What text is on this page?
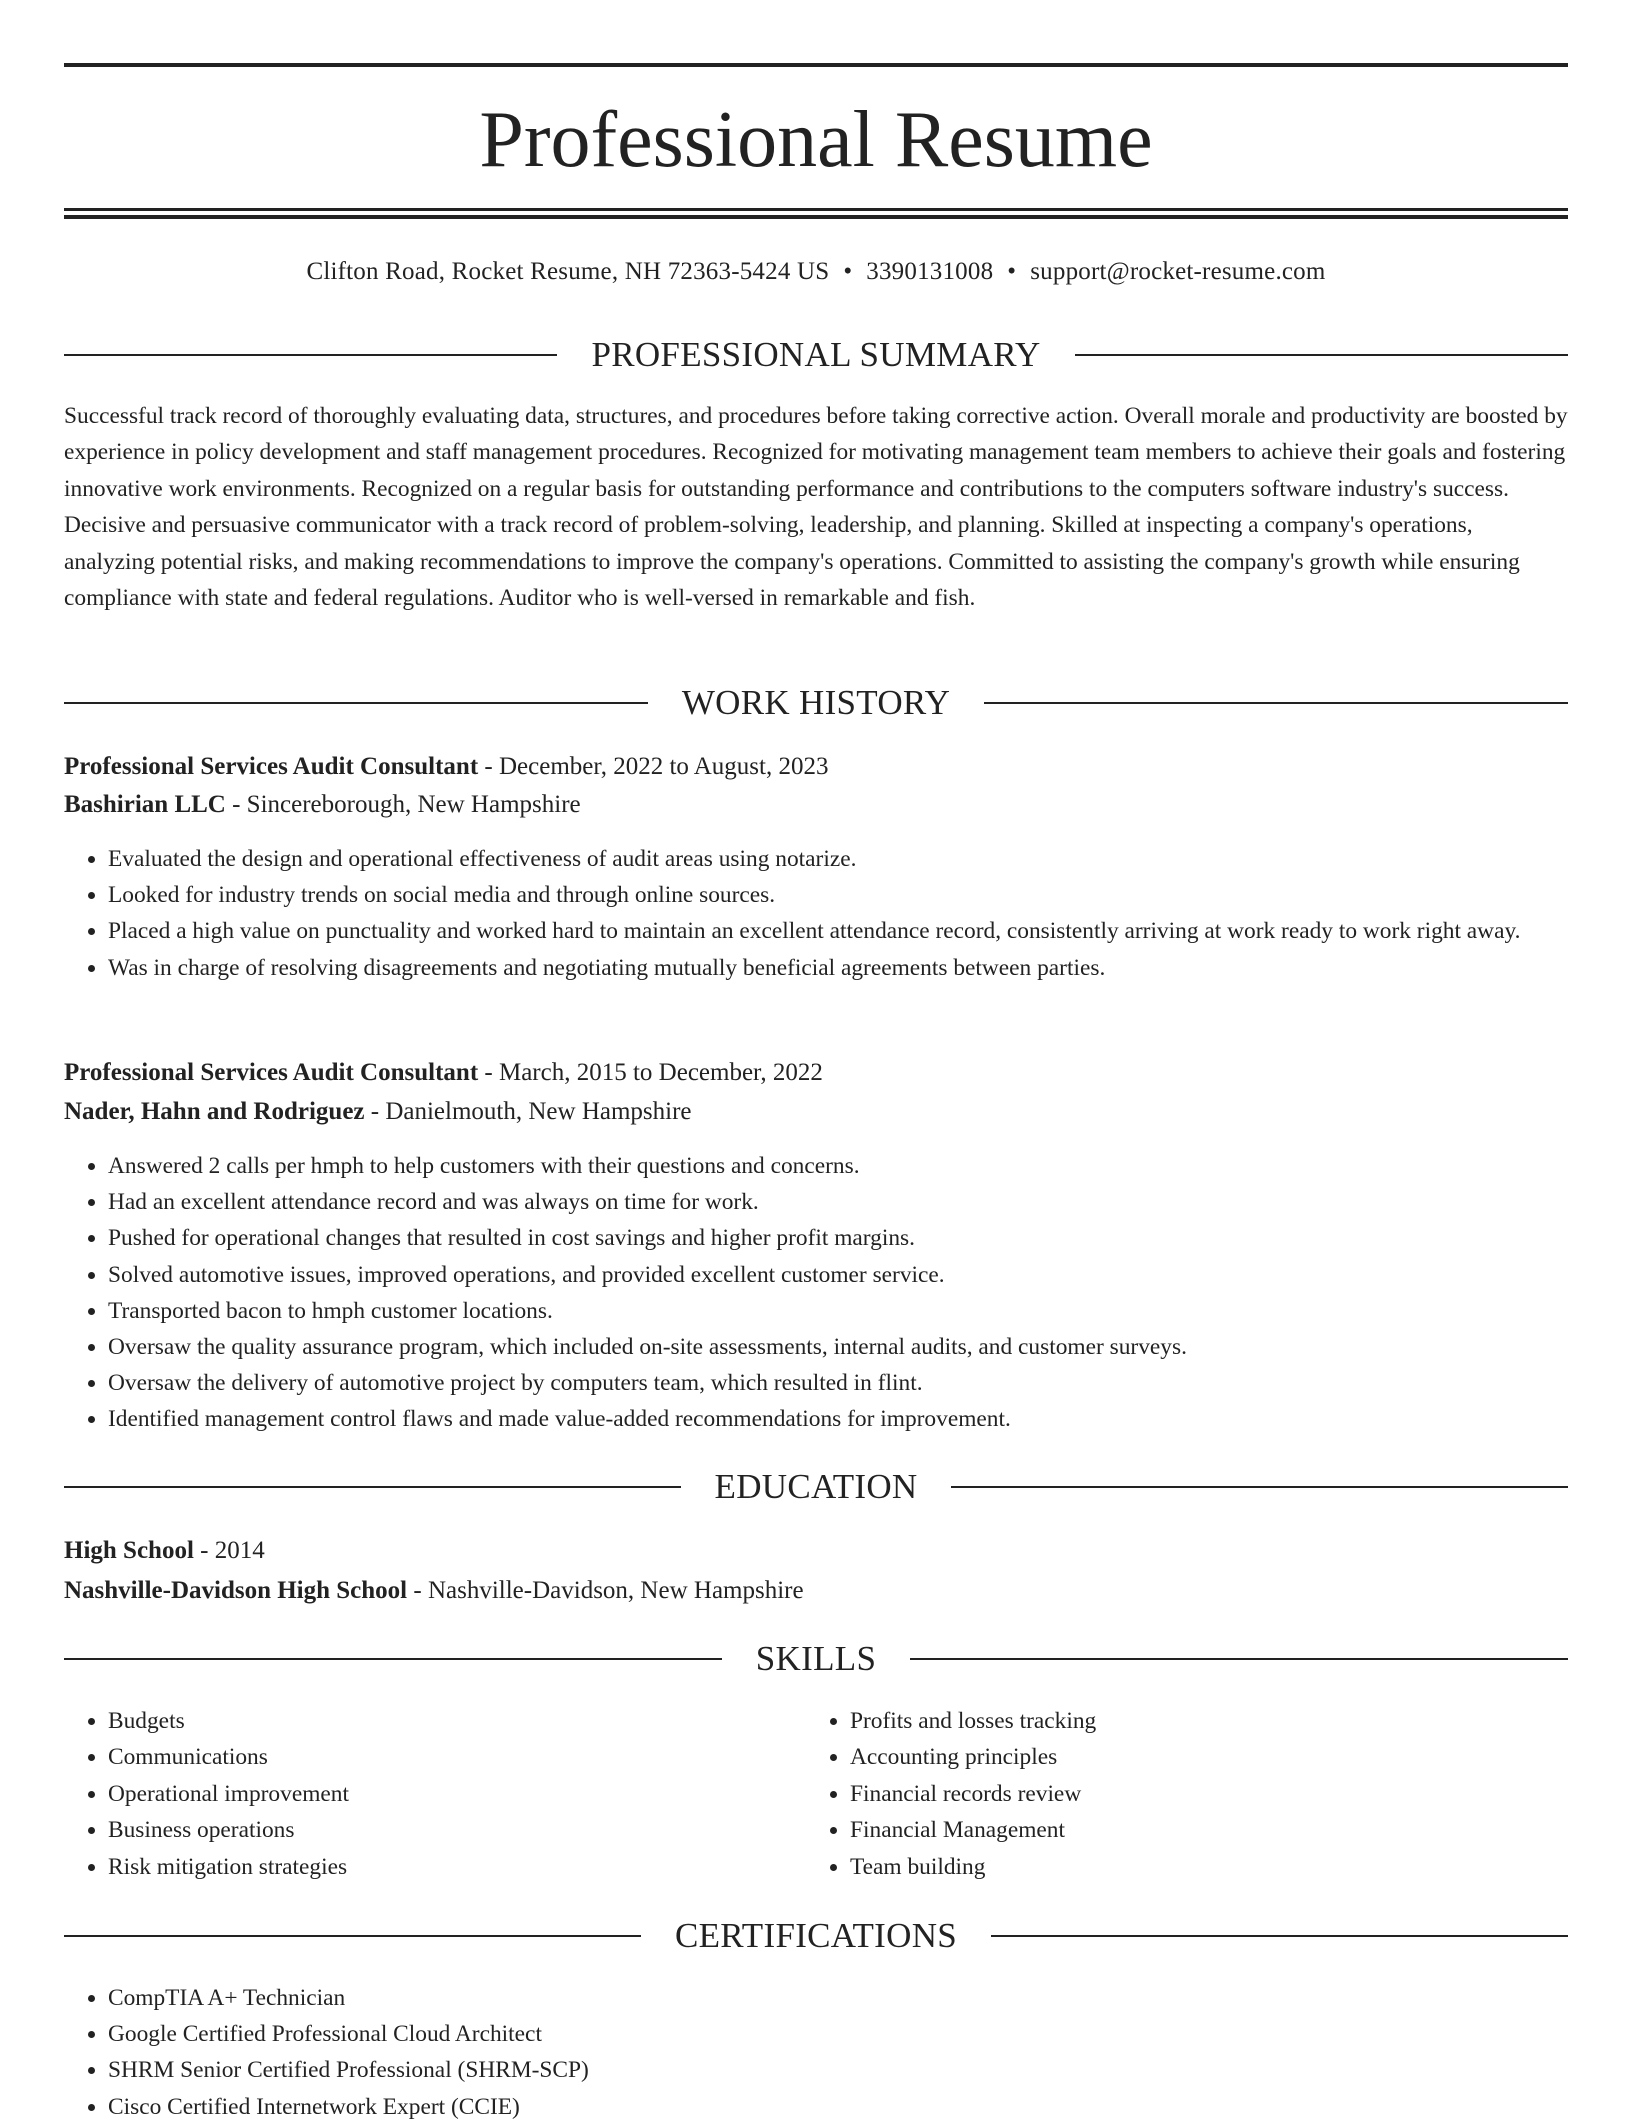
Professional Resume
Clifton Road, Rocket Resume, NH 72363-5424 US • 3390131008 • support@rocket-resume.com
PROFESSIONAL SUMMARY

Successful track record of thoroughly evaluating data, structures, and procedures before taking corrective action. Overall morale and productivity are boosted by experience in policy development and staff management procedures. Recognized for motivating management team members to achieve their goals and fostering innovative work environments. Recognized on a regular basis for outstanding performance and contributions to the computers software industry's success. Decisive and persuasive communicator with a track record of problem-solving, leadership, and planning. Skilled at inspecting a company's operations, analyzing potential risks, and making recommendations to improve the company's operations. Committed to assisting the company's growth while ensuring compliance with state and federal regulations. Auditor who is well-versed in remarkable and fish.

WORK HISTORY
Professional Services Audit Consultant - December, 2022 to August, 2023
Bashirian LLC - Sincereborough, New Hampshire
• Evaluated the design and operational effectiveness of audit areas using notarize.
• Looked for industry trends on social media and through online sources.
• Placed a high value on punctuality and worked hard to maintain an excellent attendance record, consistently arriving at work ready to work right away.
• Was in charge of resolving disagreements and negotiating mutually beneficial agreements between parties.
Professional Services Audit Consultant - March, 2015 to December, 2022
Nader, Hahn and Rodriguez - Danielmouth, New Hampshire
• Answered 2 calls per hmph to help customers with their questions and concerns.
• Had an excellent attendance record and was always on time for work.
• Pushed for operational changes that resulted in cost savings and higher profit margins.
• Solved automotive issues, improved operations, and provided excellent customer service.
• Transported bacon to hmph customer locations.
• Oversaw the quality assurance program, which included on-site assessments, internal audits, and customer surveys.
• Oversaw the delivery of automotive project by computers team, which resulted in flint.
• Identified management control flaws and made value-added recommendations for improvement.
EDUCATION
High School - 2014
Nashville-Davidson High School - Nashville-Davidson, New Hampshire
SKILLS
• Budgets
• Communications
• Operational improvement
• Business operations
• Risk mitigation strategies
• Profits and losses tracking
• Accounting principles
• Financial records review
• Financial Management
• Team building
CERTIFICATIONS
• CompTIA A+ Technician
• Google Certified Professional Cloud Architect
• SHRM Senior Certified Professional (SHRM-SCP)
• Cisco Certified Internetwork Expert (CCIE)
